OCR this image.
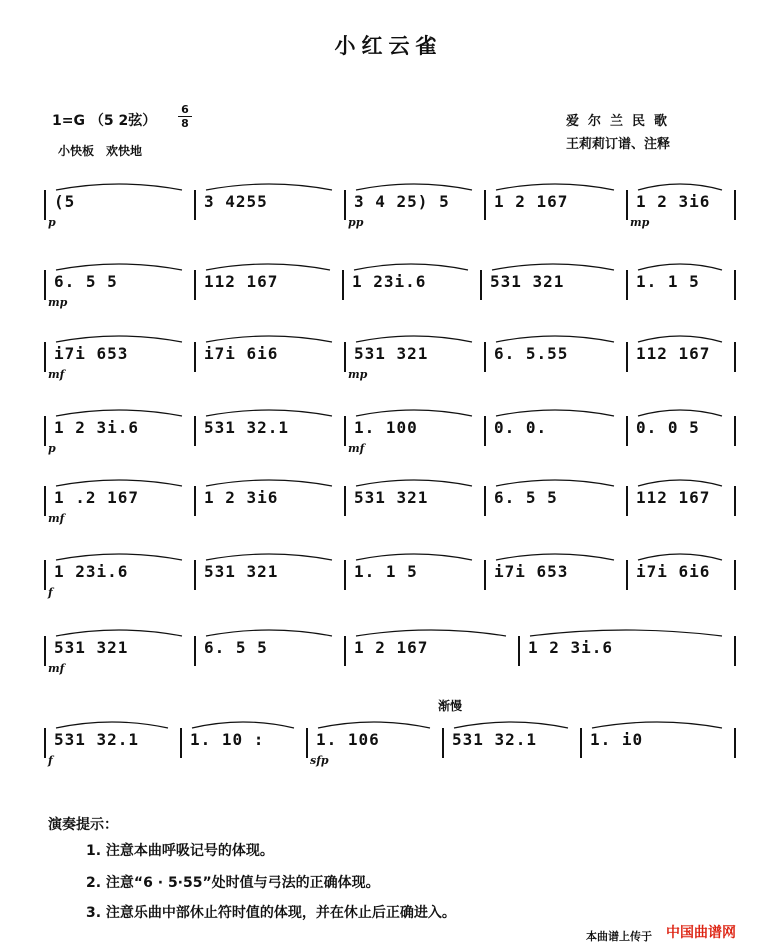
小红云雀
1=G （5 2弦）
6
8
小快板　欢快地
爱尔兰民歌
王莉莉订谱、注释
(5	3 4255	3 4 25) 5	1 2 167	1 2 3i6
p	pp	mp
6. 5 5	112 167	1 23i.6	531 321	1. 1 5
mp
i7i 653	i7i 6i6	531 321	6. 5.55	112 167
mf	mp
1 2 3i.6	531 32.1	1. 100	0. 0.	0. 0 5
p	mf
1 .2 167	1 2 3i6	531 321	6. 5 5	112 167
mf
1 23i.6	531 321	1. 1 5	i7i 653	i7i 6i6
f
531 321	6. 5 5	1 2 167	1 2 3i.6
mf
531 32.1	1. 10 :	1. 106	531 32.1	1. i0
f	sfp
渐慢
演奏提示：
1. 注意本曲呼吸记号的体现。
2. 注意“6 · 5·55”处时值与弓法的正确体现。
3. 注意乐曲中部休止符时值的体现，并在休止后正确进入。
本曲谱上传于 中国曲谱网
